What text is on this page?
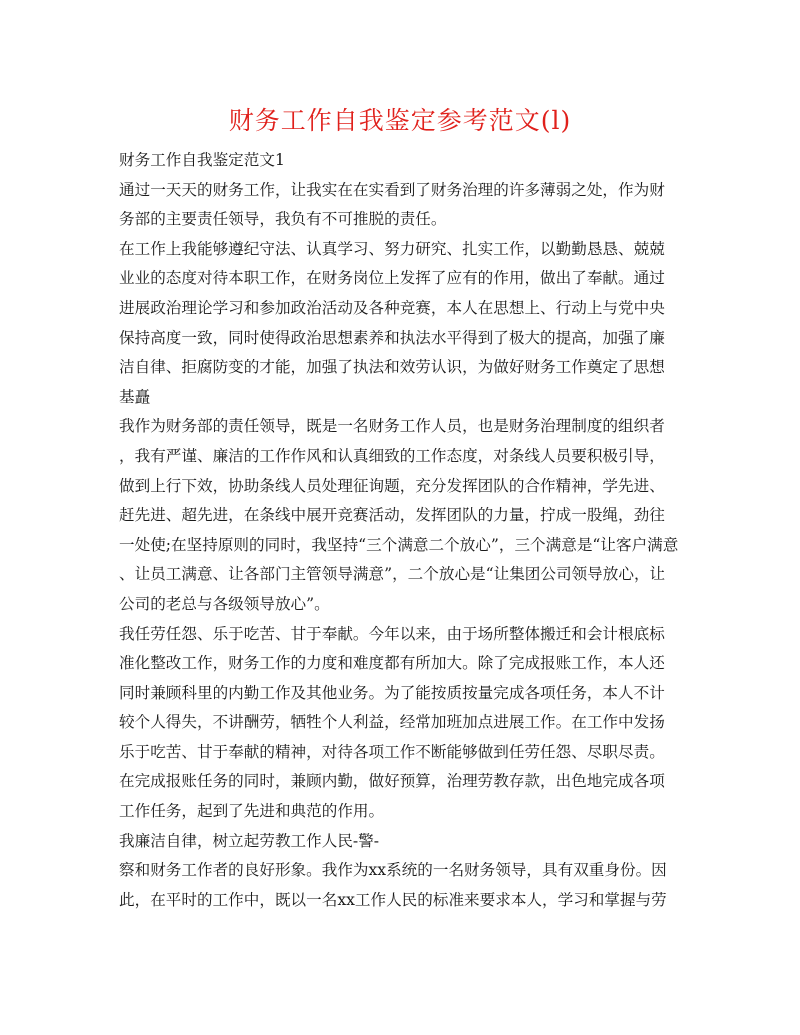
财务工作自我鉴定参考范文(l)
财务工作自我鉴定范文1
通过一天天的财务工作，让我实在在实看到了财务治理的许多薄弱之处，作为财
务部的主要责任领导，我负有不可推脱的责任。
在工作上我能够遵纪守法、认真学习、努力研究、扎实工作，以勤勤恳恳、兢兢
业业的态度对待本职工作，在财务岗位上发挥了应有的作用，做出了奉献。通过
进展政治理论学习和参加政治活动及各种竞赛，本人在思想上、行动上与党中央
保持高度一致，同时使得政治思想素养和执法水平得到了极大的提高，加强了廉
洁自律、拒腐防变的才能，加强了执法和效劳认识，为做好财务工作奠定了思想
基矗
我作为财务部的责任领导，既是一名财务工作人员，也是财务治理制度的组织者
，我有严谨、廉洁的工作作风和认真细致的工作态度，对条线人员要积极引导，
做到上行下效，协助条线人员处理征询题，充分发挥团队的合作精神，学先进、
赶先进、超先进，在条线中展开竞赛活动，发挥团队的力量，拧成一股绳，劲往
一处使;在坚持原则的同时，我坚持“三个满意二个放心”，三个满意是“让客户满意
、让员工满意、让各部门主管领导满意”，二个放心是“让集团公司领导放心，让
公司的老总与各级领导放心”。
我任劳任怨、乐于吃苦、甘于奉献。今年以来，由于场所整体搬迁和会计根底标
准化整改工作，财务工作的力度和难度都有所加大。除了完成报账工作，本人还
同时兼顾科里的内勤工作及其他业务。为了能按质按量完成各项任务，本人不计
较个人得失，不讲酬劳，牺牲个人利益，经常加班加点进展工作。在工作中发扬
乐于吃苦、甘于奉献的精神，对待各项工作不断能够做到任劳任怨、尽职尽责。
在完成报账任务的同时，兼顾内勤，做好预算，治理劳教存款，出色地完成各项
工作任务，起到了先进和典范的作用。
我廉洁自律，树立起劳教工作人民-警-
察和财务工作者的良好形象。我作为xx系统的一名财务领导，具有双重身份。因
此，在平时的工作中，既以一名xx工作人民的标准来要求本人，学习和掌握与劳
